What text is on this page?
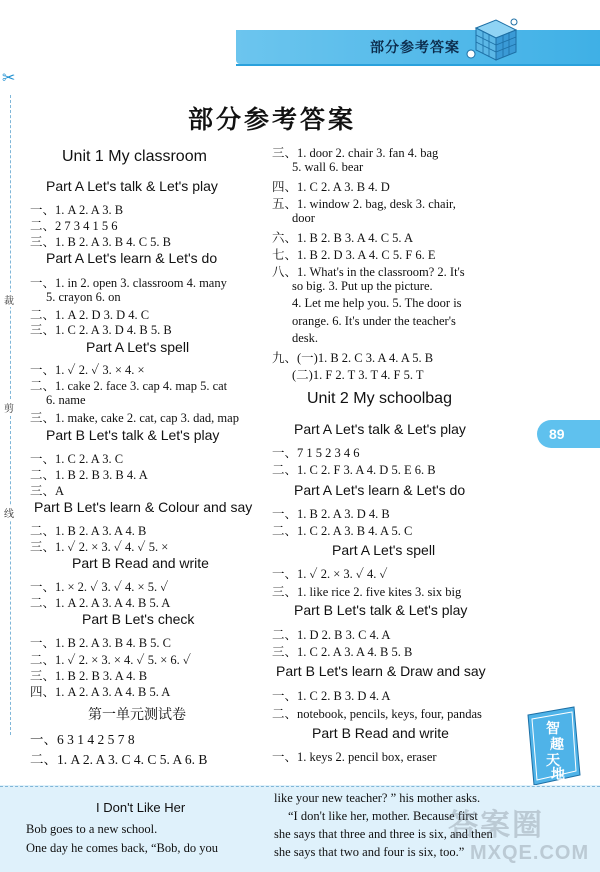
部分参考答案
✂
裁
剪
线
部分参考答案
Unit 1 My classroom
Part A Let's talk & Let's play
一、1. A 2. A 3. B
二、2 7 3 4 1 5 6
三、1. B 2. A 3. B 4. C 5. B
Part A Let's learn & Let's do
一、1. in 2. open 3. classroom 4. many
5. crayon 6. on
二、1. A 2. D 3. D 4. C
三、1. C 2. A 3. D 4. B 5. B
Part A Let's spell
一、1. ✓ 2. ✓ 3. × 4. ×
二、1. cake 2. face 3. cap 4. map 5. cat
6. name
三、1. make, cake 2. cat, cap 3. dad, map
Part B Let's talk & Let's play
一、1. C 2. A 3. C
二、1. B 2. B 3. B 4. A
三、A
Part B Let's learn & Colour and say
二、1. B 2. A 3. A 4. B
三、1. ✓ 2. × 3. ✓ 4. ✓ 5. ×
Part B Read and write
一、1. × 2. ✓ 3. ✓ 4. × 5. ✓
二、1. A 2. A 3. A 4. B 5. A
Part B Let's check
一、1. B 2. A 3. B 4. B 5. C
二、1. ✓ 2. × 3. × 4. ✓ 5. × 6. ✓
三、1. B 2. B 3. A 4. B
四、1. A 2. A 3. A 4. B 5. A
第一单元测试卷
一、6 3 1 4 2 5 7 8
二、1. A 2. A 3. C 4. C 5. A 6. B
三、1. door 2. chair 3. fan 4. bag
5. wall 6. bear
四、1. C 2. A 3. B 4. D
五、1. window 2. bag, desk 3. chair,
door
六、1. B 2. B 3. A 4. C 5. A
七、1. B 2. D 3. A 4. C 5. F 6. E
八、1. What's in the classroom? 2. It's
so big. 3. Put up the picture.
4. Let me help you. 5. The door is
orange. 6. It's under the teacher's
desk.
九、(一)1. B 2. C 3. A 4. A 5. B
(二)1. F 2. T 3. T 4. F 5. T
Unit 2 My schoolbag
Part A Let's talk & Let's play
一、7 1 5 2 3 4 6
二、1. C 2. F 3. A 4. D 5. E 6. B
Part A Let's learn & Let's do
一、1. B 2. A 3. D 4. B
二、1. C 2. A 3. B 4. A 5. C
Part A Let's spell
一、1. ✓ 2. × 3. ✓ 4. ✓
三、1. like rice 2. five kites 3. six big
Part B Let's talk & Let's play
二、1. D 2. B 3. C 4. A
三、1. C 2. A 3. A 4. B 5. B
Part B Let's learn & Draw and say
一、1. C 2. B 3. D 4. A
二、notebook, pencils, keys, four, pandas
Part B Read and write
一、1. keys 2. pencil box, eraser
89
智
趣
天
地
I Don't Like Her
Bob goes to a new school.
One day he comes back, “Bob, do you
like your new teacher? ” his mother asks.
“I don't like her, mother. Because first
she says that three and three is six, and then
she says that two and four is six, too.”
答案圈
MXQE.COM
